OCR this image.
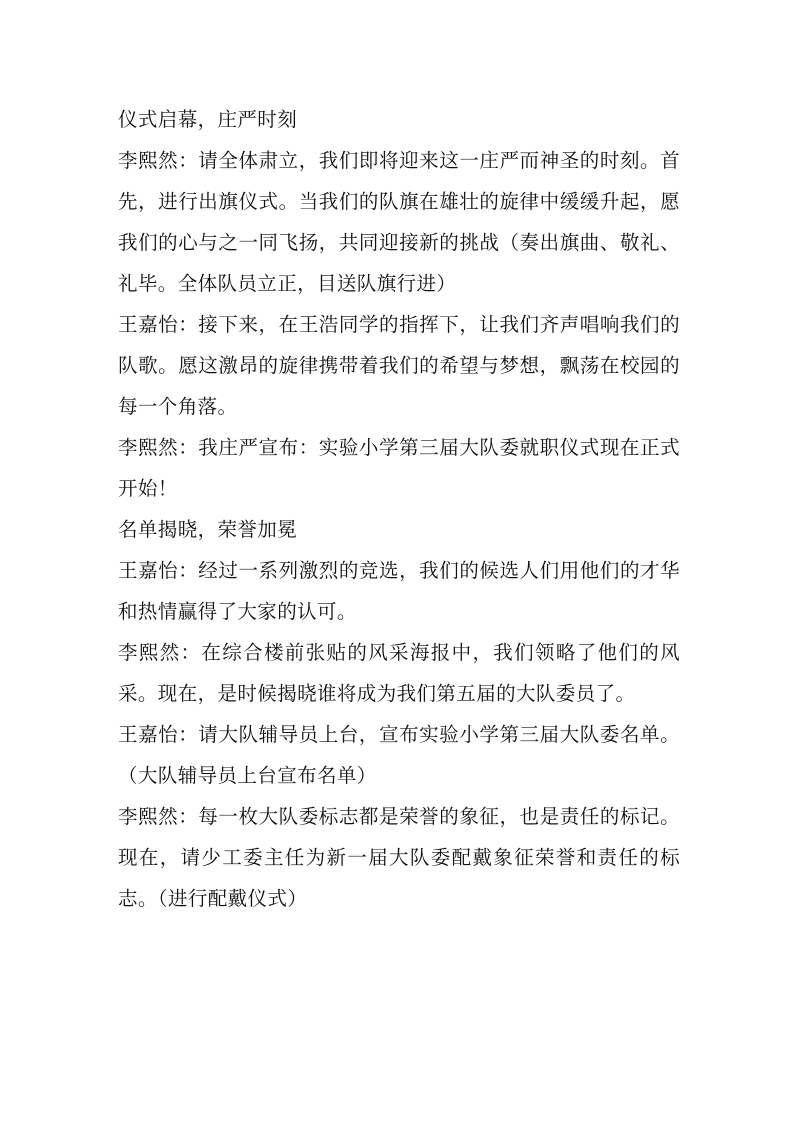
仪式启幕，庄严时刻
李熙然：请全体肃立，我们即将迎来这一庄严而神圣的时刻。首先，进行出旗仪式。当我们的队旗在雄壮的旋律中缓缓升起，愿我们的心与之一同飞扬，共同迎接新的挑战（奏出旗曲、敬礼、礼毕。全体队员立正，目送队旗行进）
王嘉怡：接下来，在王浩同学的指挥下，让我们齐声唱响我们的队歌。愿这激昂的旋律携带着我们的希望与梦想，飘荡在校园的每一个角落。
李熙然：我庄严宣布：实验小学第三届大队委就职仪式现在正式开始！
名单揭晓，荣誉加冕
王嘉怡：经过一系列激烈的竞选，我们的候选人们用他们的才华和热情赢得了大家的认可。
李熙然：在综合楼前张贴的风采海报中，我们领略了他们的风采。现在，是时候揭晓谁将成为我们第五届的大队委员了。
王嘉怡：请大队辅导员上台，宣布实验小学第三届大队委名单。（大队辅导员上台宣布名单）
李熙然：每一枚大队委标志都是荣誉的象征，也是责任的标记。现在，请少工委主任为新一届大队委配戴象征荣誉和责任的标志。（进行配戴仪式）
